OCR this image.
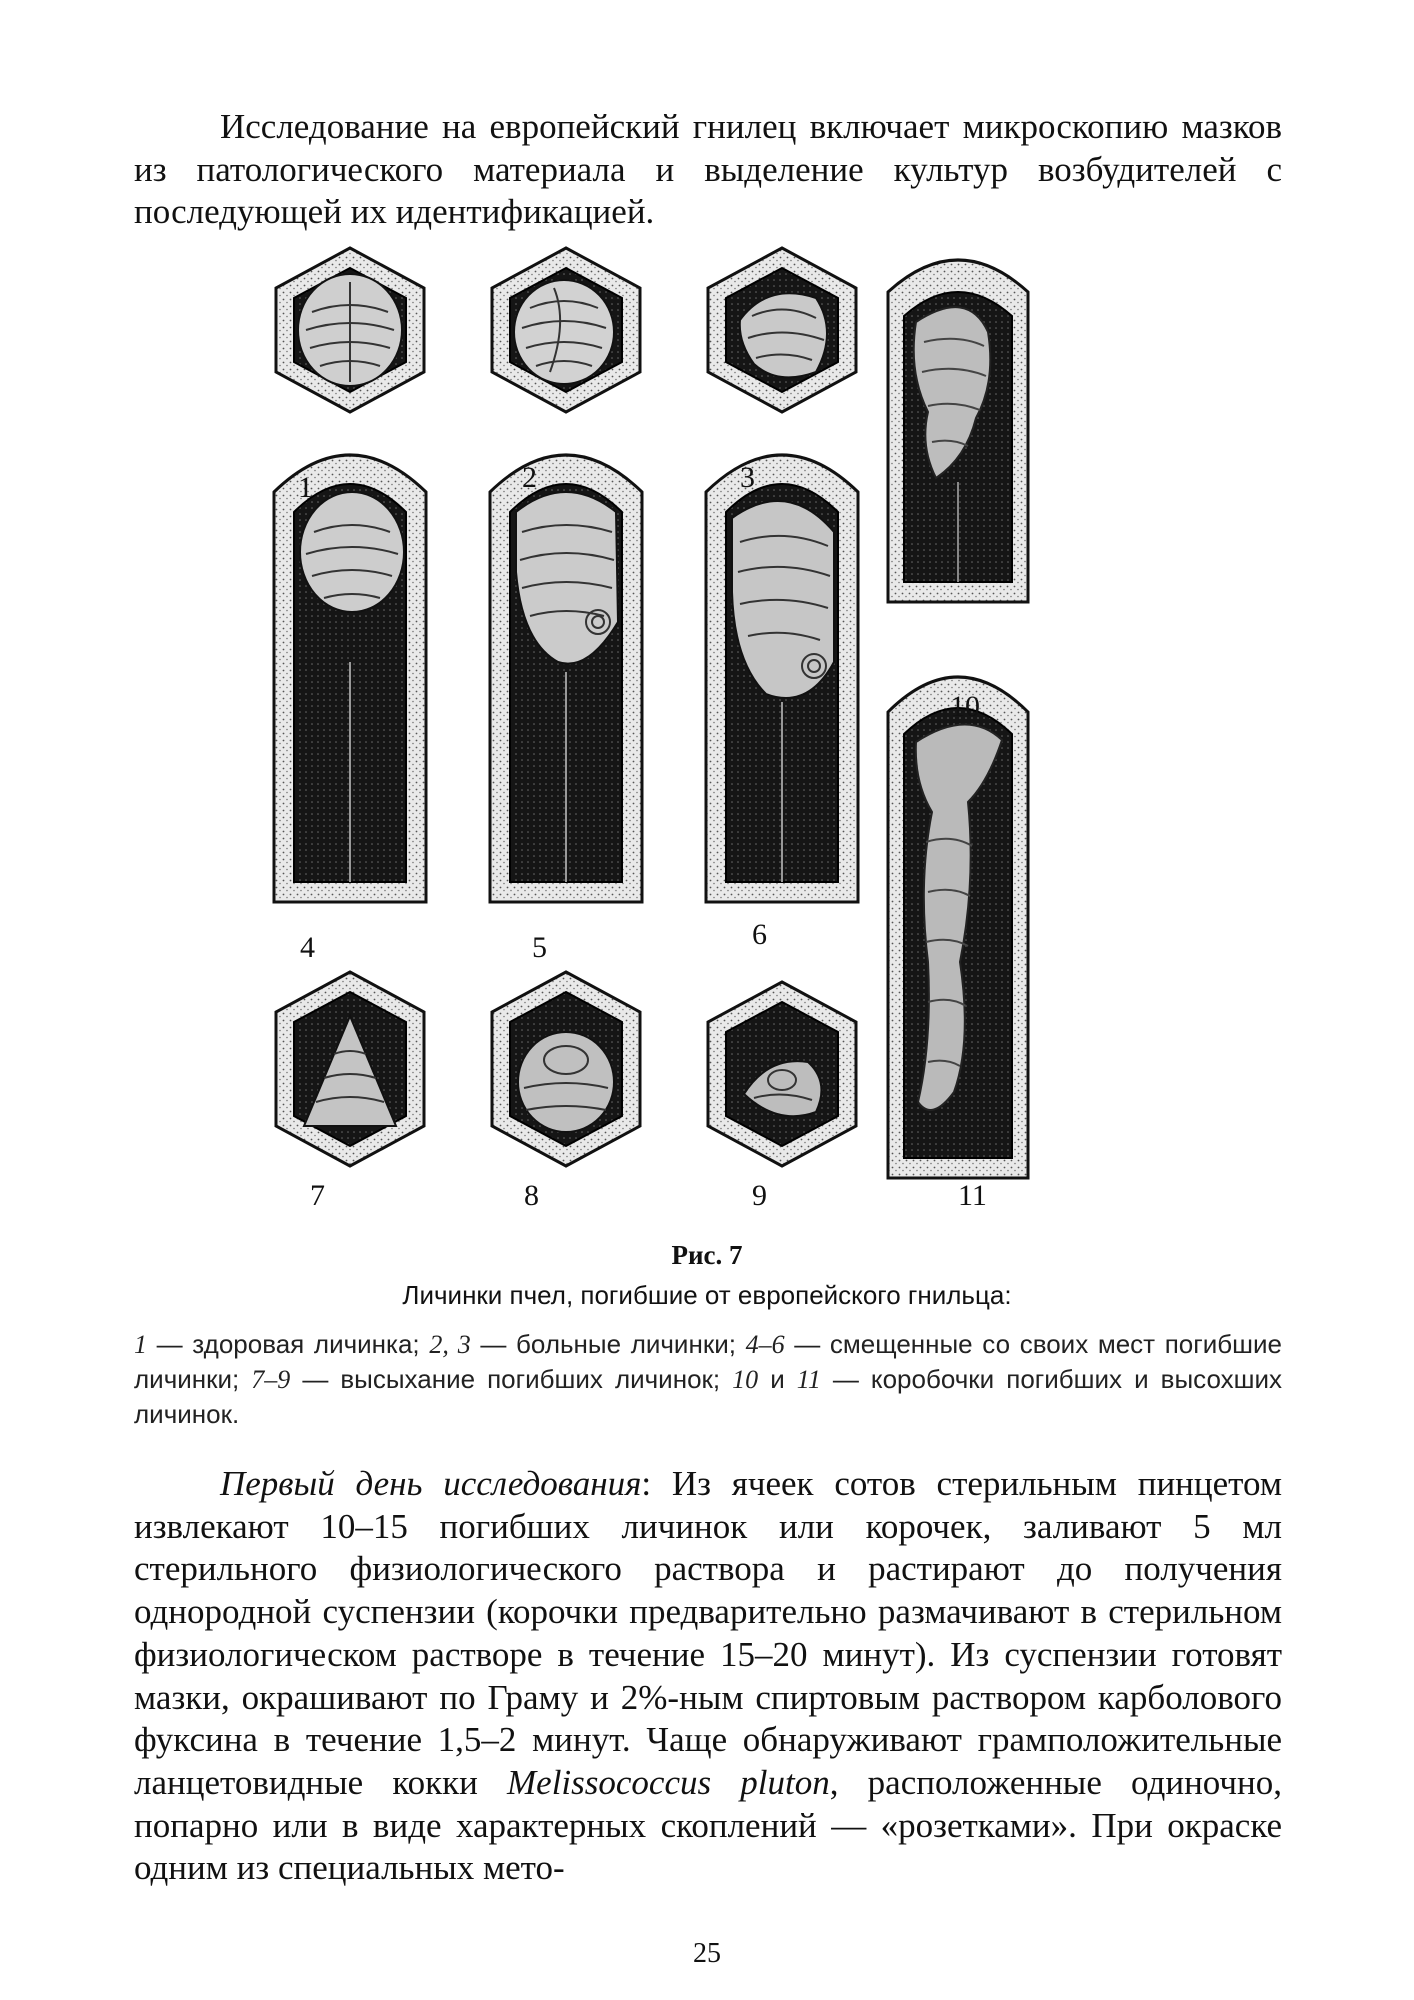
Исследование на европейский гнилец включает микроскопию мазков из патологического материала и выделение культур возбудителей с последующей их идентификацией.

1	2	3
4	5	6
7	8	9
10
11
Рис. 7
Личинки пчел, погибшие от европейского гнильца:

1 — здоровая личинка; 2, 3 — больные личинки; 4–6 — смещенные со своих мест погибшие личинки; 7–9 — высыхание погибших личинок; 10 и 11 — коробочки погибших и высохших личинок.

Первый день исследования: Из ячеек сотов стерильным пинцетом извлекают 10–15 погибших личинок или корочек, заливают 5 мл стерильного физиологического раствора и растирают до получения однородной суспензии (корочки предварительно размачивают в стерильном физиологическом растворе в течение 15–20 минут). Из суспензии готовят мазки, окрашивают по Граму и 2%-ным спиртовым раствором карболового фуксина в течение 1,5–2 минут. Чаще обнаруживают грамположительные ланцетовидные кокки Melissococcus pluton, расположенные одиночно, попарно или в виде характерных скоплений — «розетками». При окраске одним из специальных мето-

25
